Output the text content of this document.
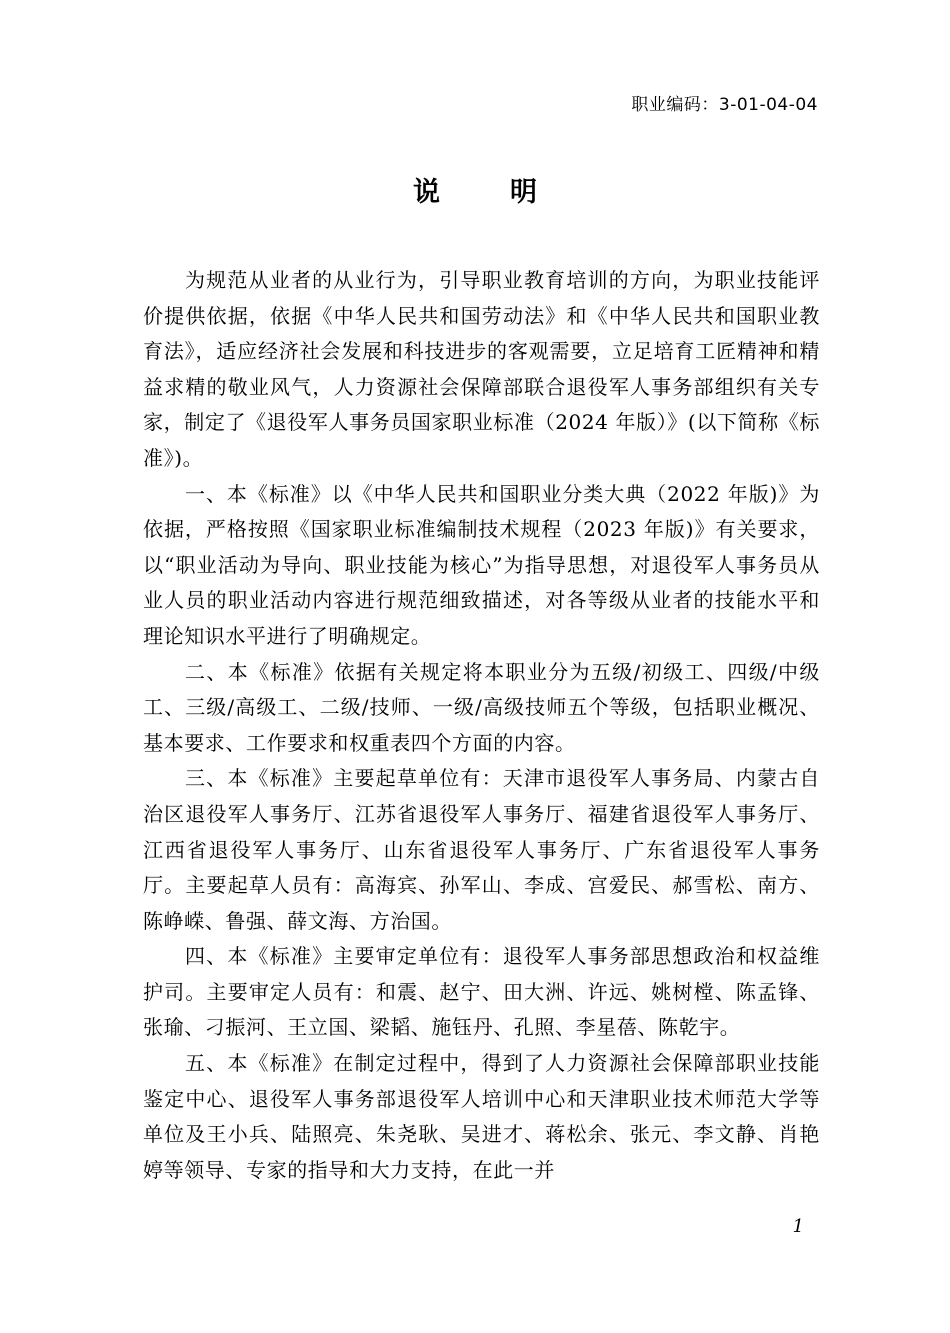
职业编码：3-01-04-04
说明

为规范从业者的从业行为，引导职业教育培训的方向，为职业技能评价提供依据，依据《中华人民共和国劳动法》和《中华人民共和国职业教育法》，适应经济社会发展和科技进步的客观需要，立足培育工匠精神和精益求精的敬业风气，人力资源社会保障部联合退役军人事务部组织有关专家，制定了《退役军人事务员国家职业标准（2024 年版）》(以下简称《标准》)。

一、本《标准》以《中华人民共和国职业分类大典（2022 年版)》为依据，严格按照《国家职业标准编制技术规程（2023 年版)》有关要求，以“职业活动为导向、职业技能为核心”为指导思想，对退役军人事务员从业人员的职业活动内容进行规范细致描述，对各等级从业者的技能水平和理论知识水平进行了明确规定。

二、本《标准》依据有关规定将本职业分为五级/初级工、四级/中级工、三级/高级工、二级/技师、一级/高级技师五个等级，包括职业概况、基本要求、工作要求和权重表四个方面的内容。

三、本《标准》主要起草单位有：天津市退役军人事务局、内蒙古自治区退役军人事务厅、江苏省退役军人事务厅、福建省退役军人事务厅、江西省退役军人事务厅、山东省退役军人事务厅、广东省退役军人事务厅。主要起草人员有：高海宾、孙军山、李成、宫爱民、郝雪松、南方、陈峥嵘、鲁强、薛文海、方治国。

四、本《标准》主要审定单位有：退役军人事务部思想政治和权益维护司。主要审定人员有：和震、赵宁、田大洲、许远、姚树樘、陈孟锋、张瑜、刁振河、王立国、梁韬、施钰丹、孔照、李星蓓、陈乾宇。

五、本《标准》在制定过程中，得到了人力资源社会保障部职业技能鉴定中心、退役军人事务部退役军人培训中心和天津职业技术师范大学等单位及王小兵、陆照亮、朱尧耿、吴进才、蒋松余、张元、李文静、肖艳婷等领导、专家的指导和大力支持，在此一并

1
